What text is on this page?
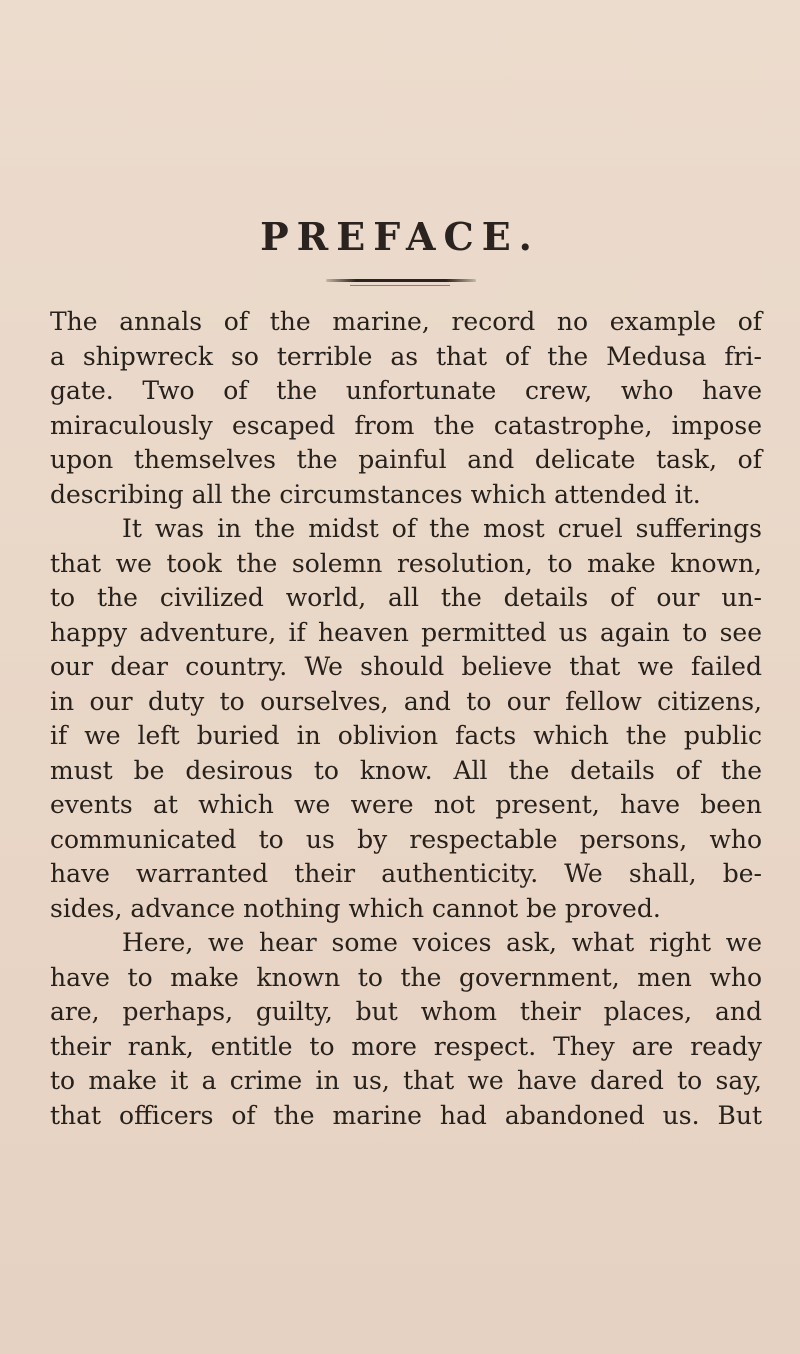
PREFACE.
The annals of the marine, record no example of
a shipwreck so terrible as that of the Medusa fri-
gate. Two of the unfortunate crew, who have
miraculously escaped from the catastrophe, impose
upon themselves the painful and delicate task, of
describing all the circumstances which attended it.
It was in the midst of the most cruel sufferings
that we took the solemn resolution, to make known,
to the civilized world, all the details of our un-
happy adventure, if heaven permitted us again to see
our dear country. We should believe that we failed
in our duty to ourselves, and to our fellow citizens,
if we left buried in oblivion facts which the public
must be desirous to know. All the details of the
events at which we were not present, have been
communicated to us by respectable persons, who
have warranted their authenticity. We shall, be-
sides, advance nothing which cannot be proved.
Here, we hear some voices ask, what right we
have to make known to the government, men who
are, perhaps, guilty, but whom their places, and
their rank, entitle to more respect. They are ready
to make it a crime in us, that we have dared to say,
that officers of the marine had abandoned us. But
